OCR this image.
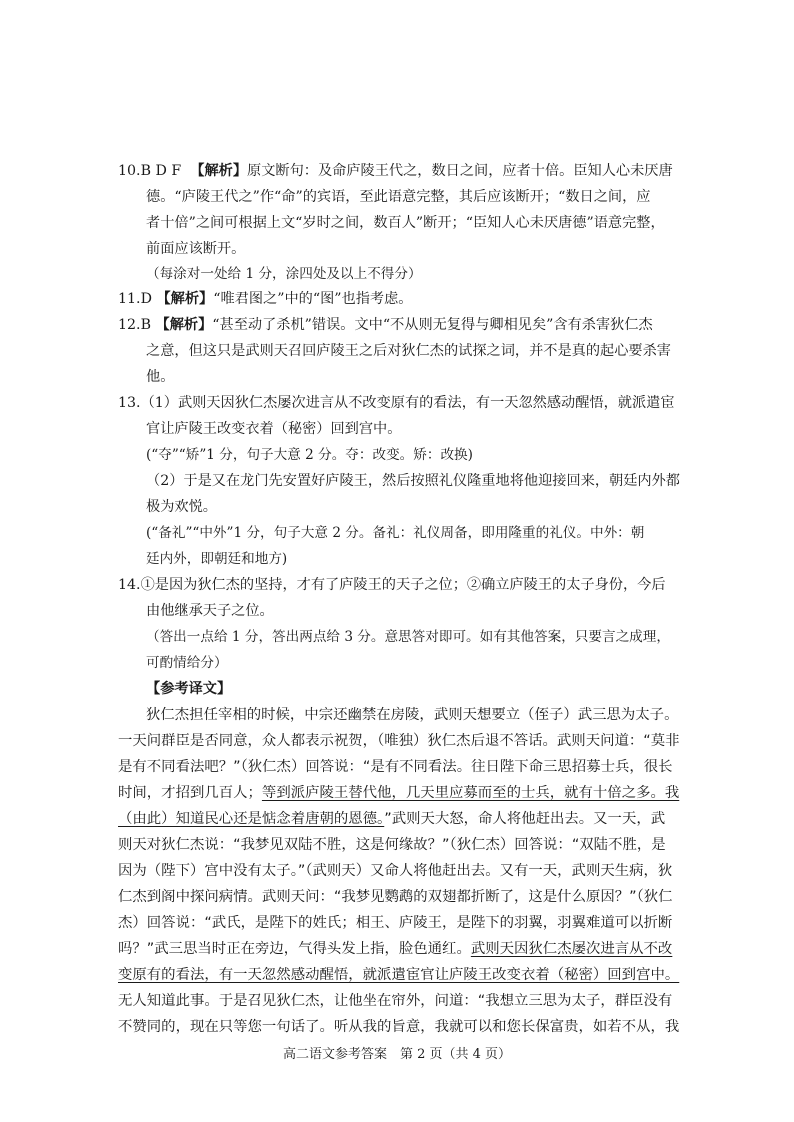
10.B D F 【解析】原文断句：及命庐陵王代之，数日之间，应者十倍。臣知人心未厌唐
德。“庐陵王代之”作“命”的宾语，至此语意完整，其后应该断开；“数日之间，应
者十倍”之间可根据上文“岁时之间，数百人”断开；“臣知人心未厌唐德”语意完整，
前面应该断开。
（每涂对一处给 1 分，涂四处及以上不得分）
11.D 【解析】“唯君图之”中的“图”也指考虑。
12.B 【解析】“甚至动了杀机”错误。文中“不从则无复得与卿相见矣”含有杀害狄仁杰
之意，但这只是武则天召回庐陵王之后对狄仁杰的试探之词，并不是真的起心要杀害
他。
13.（1）武则天因狄仁杰屡次进言从不改变原有的看法，有一天忽然感动醒悟，就派遣宦
官让庐陵王改变衣着（秘密）回到宫中。
(“夺”“矫”1 分，句子大意 2 分。夺：改变。矫：改换)
（2）于是又在龙门先安置好庐陵王，然后按照礼仪隆重地将他迎接回来，朝廷内外都
极为欢悦。
(“备礼”“中外”1 分，句子大意 2 分。备礼：礼仪周备，即用隆重的礼仪。中外：朝
廷内外，即朝廷和地方)
14.①是因为狄仁杰的坚持，才有了庐陵王的天子之位；②确立庐陵王的太子身份，今后
由他继承天子之位。
（答出一点给 1 分，答出两点给 3 分。意思答对即可。如有其他答案，只要言之成理，
可酌情给分）
【参考译文】
狄仁杰担任宰相的时候，中宗还幽禁在房陵，武则天想要立（侄子）武三思为太子。
一天问群臣是否同意，众人都表示祝贺，（唯独）狄仁杰后退不答话。武则天问道：“莫非
是有不同看法吧？”（狄仁杰）回答说：“是有不同看法。往日陛下命三思招募士兵，很长
时间，才招到几百人；等到派庐陵王替代他，几天里应募而至的士兵，就有十倍之多。我
（由此）知道民心还是惦念着唐朝的恩德。”武则天大怒，命人将他赶出去。又一天，武
则天对狄仁杰说：“我梦见双陆不胜，这是何缘故？”（狄仁杰）回答说：“双陆不胜，是
因为（陛下）宫中没有太子。”（武则天）又命人将他赶出去。又有一天，武则天生病，狄
仁杰到阁中探问病情。武则天问：“我梦见鹦鹉的双翅都折断了，这是什么原因？”（狄仁
杰）回答说：“武氏，是陛下的姓氏；相王、庐陵王，是陛下的羽翼，羽翼难道可以折断
吗？”武三思当时正在旁边，气得头发上指，脸色通红。武则天因狄仁杰屡次进言从不改
变原有的看法，有一天忽然感动醒悟，就派遣宦官让庐陵王改变衣着（秘密）回到宫中。
无人知道此事。于是召见狄仁杰，让他坐在帘外，问道：“我想立三思为太子，群臣没有
不赞同的，现在只等您一句话了。听从我的旨意，我就可以和您长保富贵，如若不从，我
高二语文参考答案　第 2 页（共 4 页）
